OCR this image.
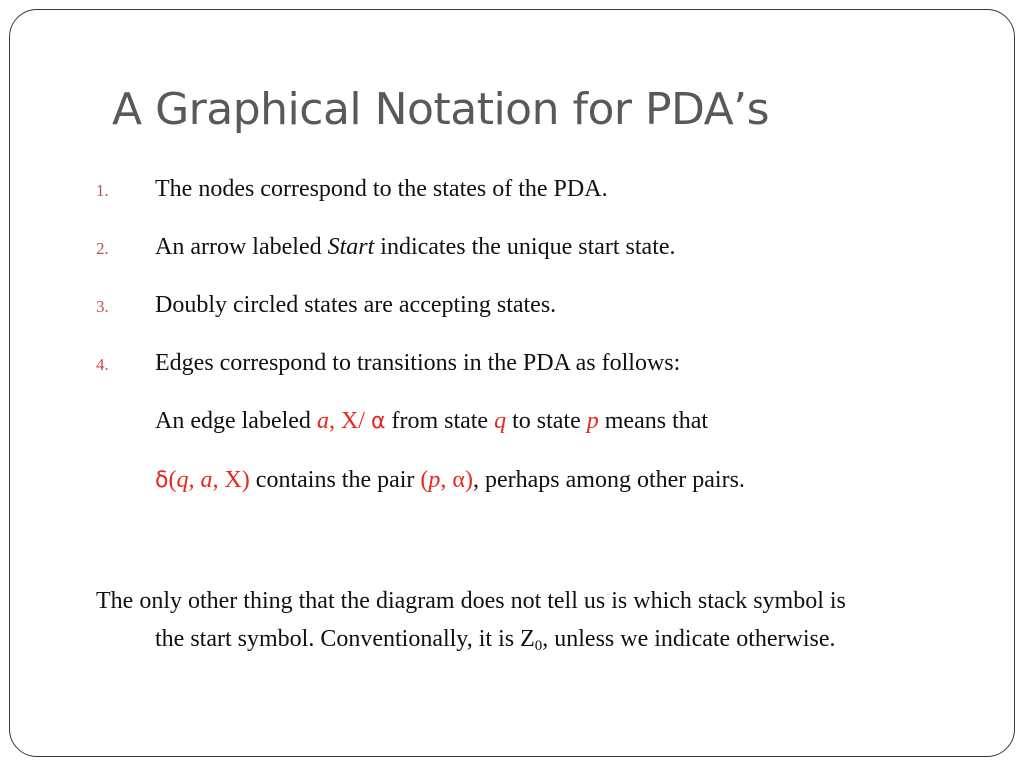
A Graphical Notation for PDA’s
1. The nodes correspond to the states of the PDA.
2. An arrow labeled Start indicates the unique start state.
3. Doubly circled states are accepting states.
4. Edges correspond to transitions in the PDA as follows:
An edge labeled a, X/ α from state q to state p means that
δ(q, a, X) contains the pair (p, α), perhaps among other pairs.
The only other thing that the diagram does not tell us is which stack symbol is
the start symbol. Conventionally, it is $Z_0$, unless we indicate otherwise.
